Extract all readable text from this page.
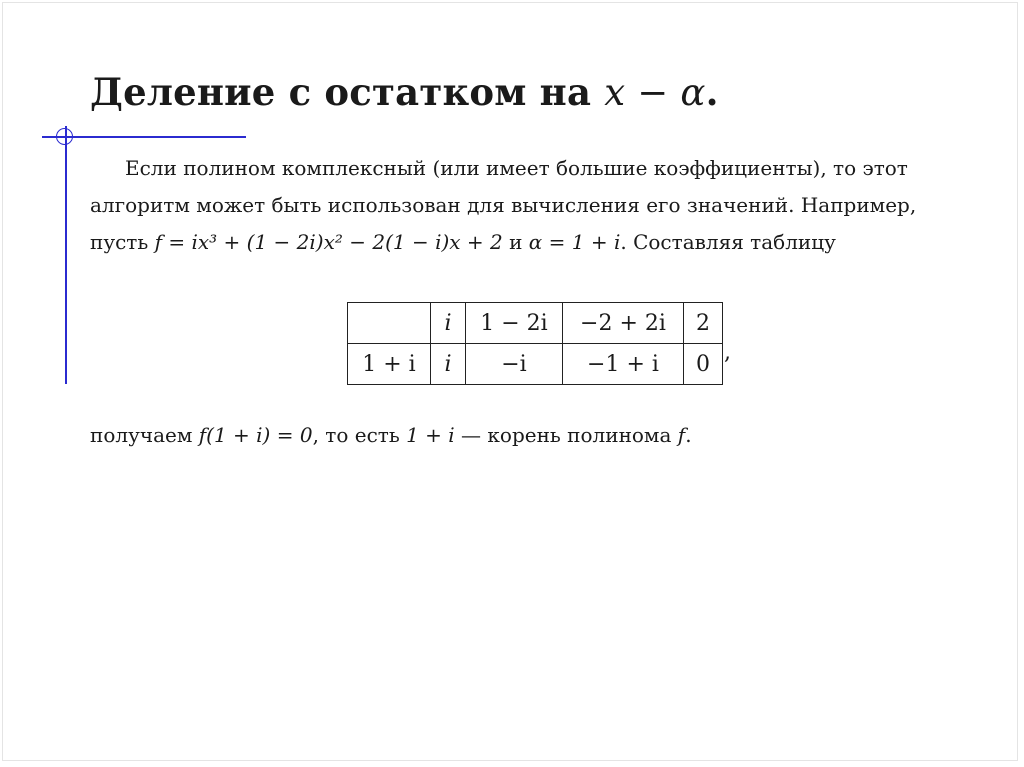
Деление с остатком на x − α.
Если полином комплексный (или имеет большие коэффициенты), то этот
алгоритм может быть использован для вычисления его значений. Например,
пусть f = ix³ + (1 − 2i)x² − 2(1 − i)x + 2 и α = 1 + i. Составляя таблицу
	i	1 − 2i	−2 + 2i	2
1 + i	i	−i	−1 + i	0 ,
получаем f(1 + i) = 0, то есть 1 + i — корень полинома f.
